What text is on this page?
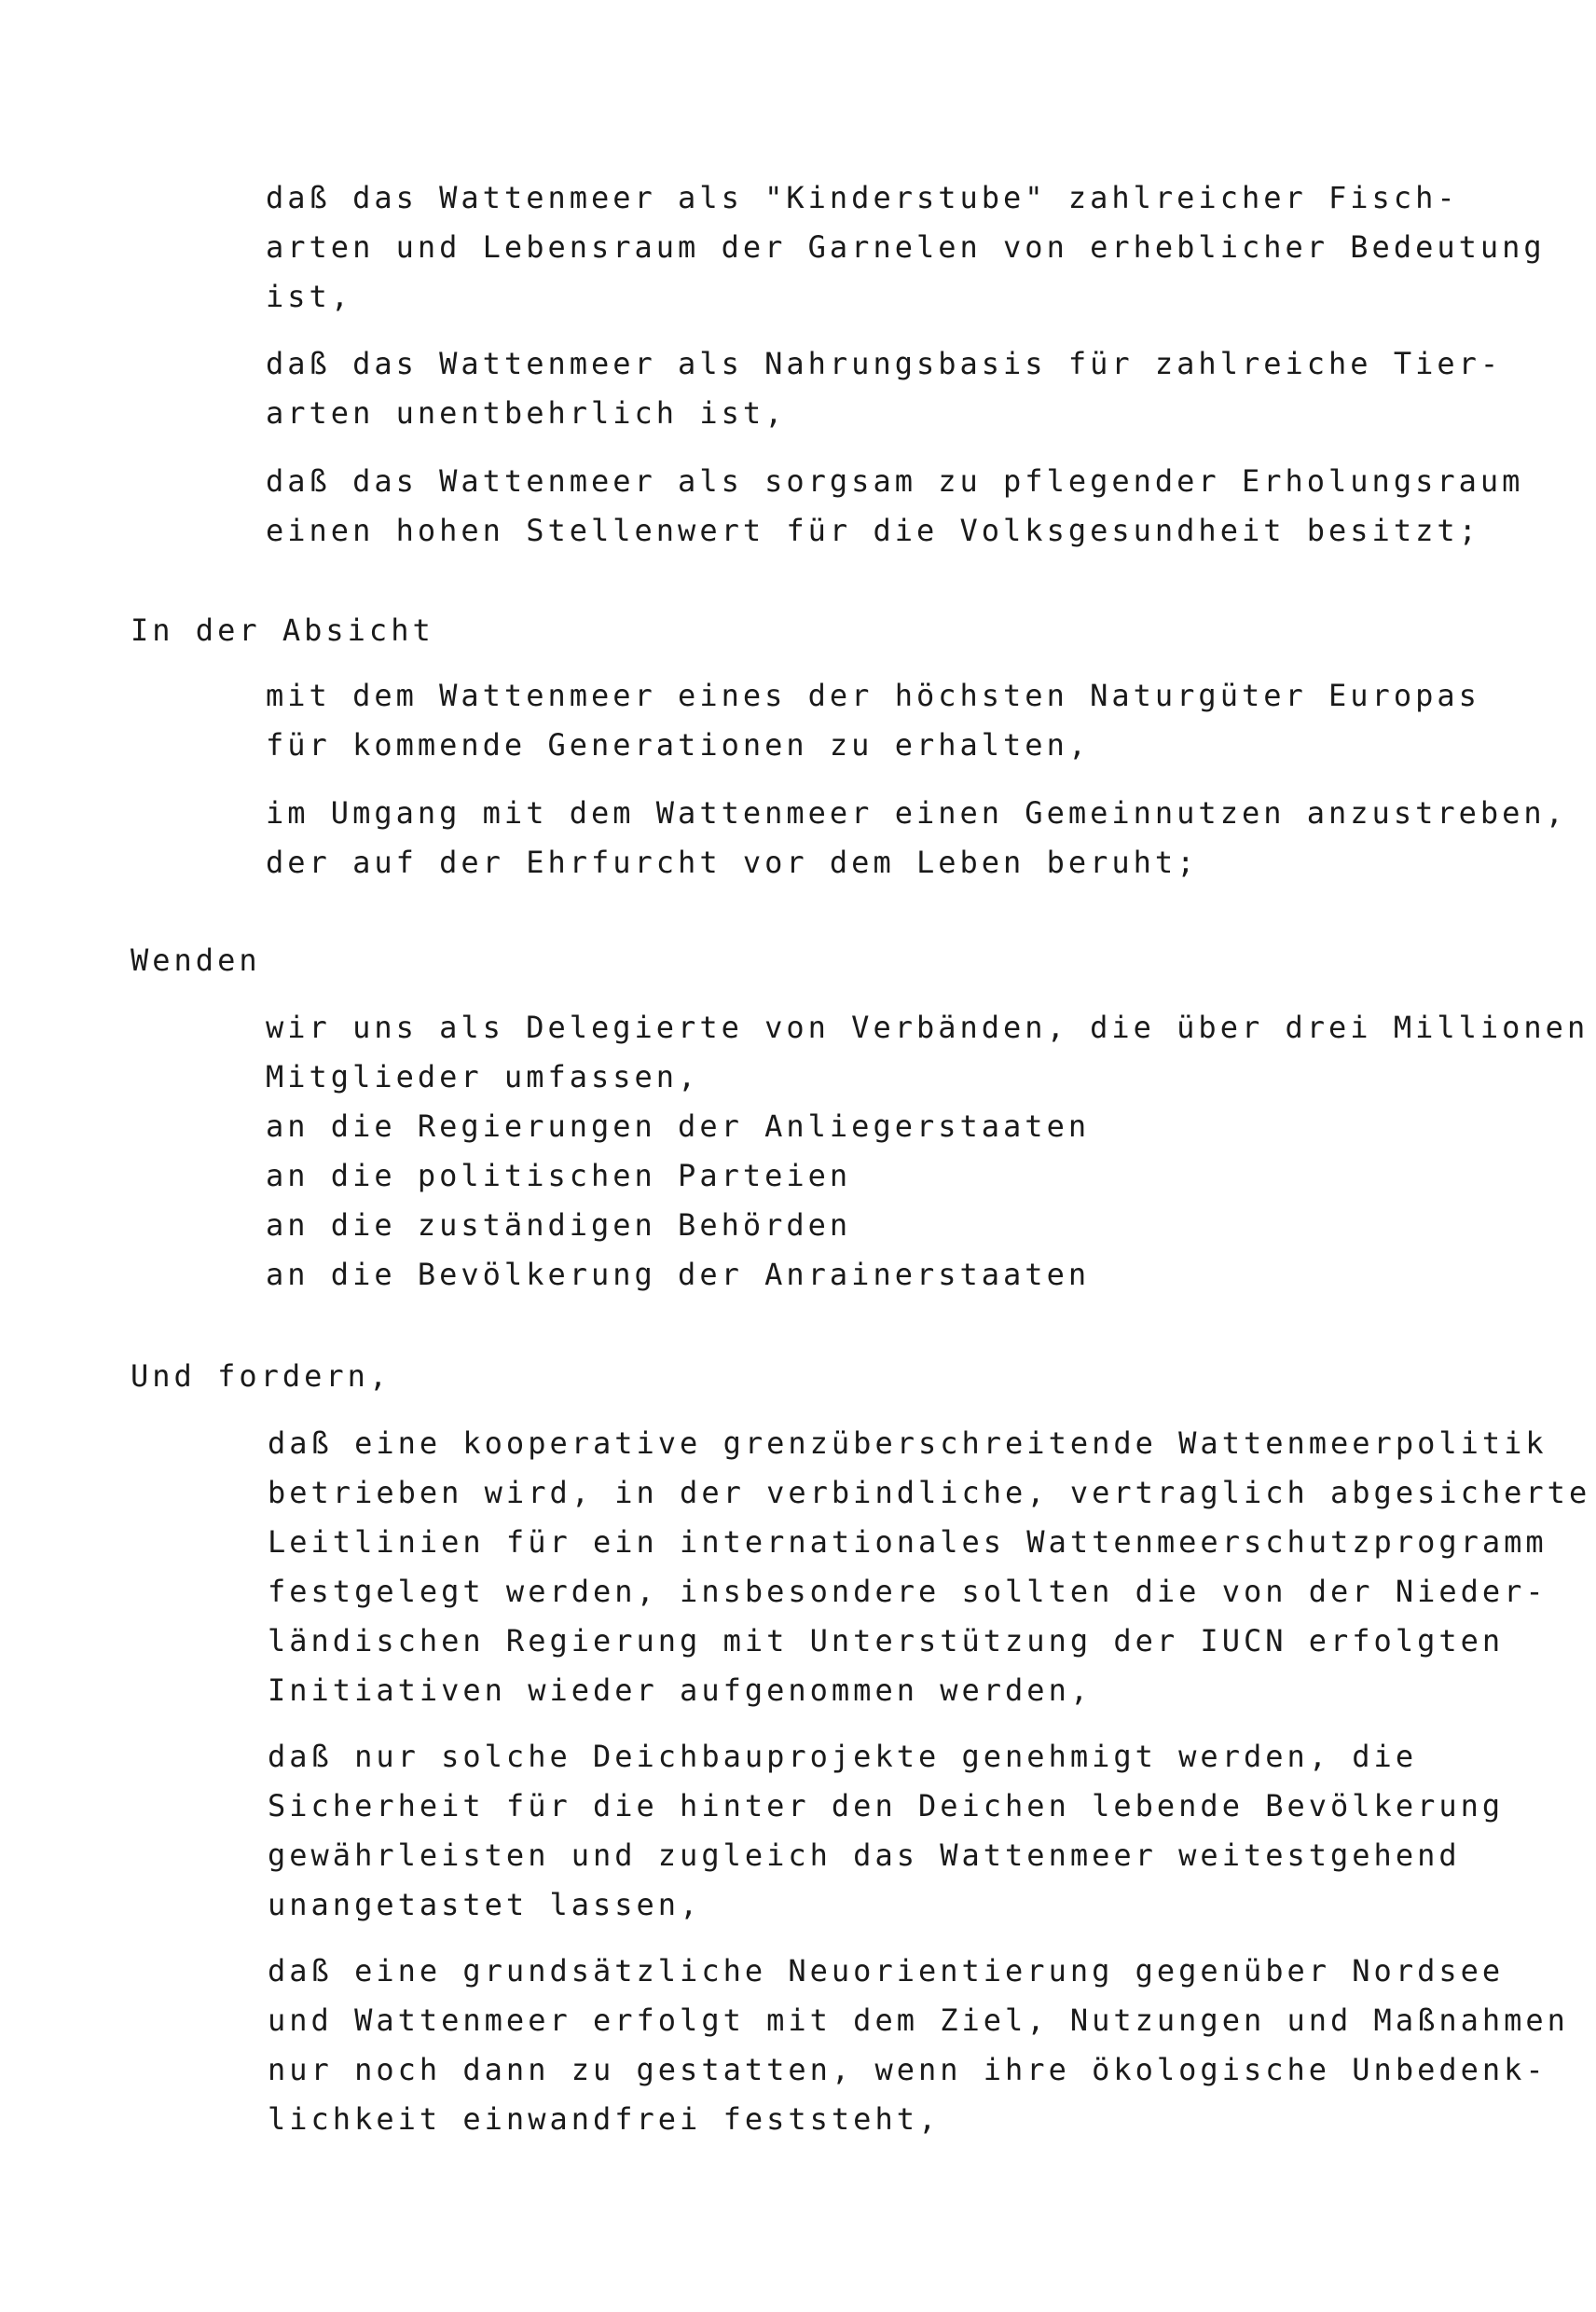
daß das Wattenmeer als "Kinderstube" zahlreicher Fisch-
arten und Lebensraum der Garnelen von erheblicher Bedeutung
ist,
daß das Wattenmeer als Nahrungsbasis für zahlreiche Tier-
arten unentbehrlich ist,
daß das Wattenmeer als sorgsam zu pflegender Erholungsraum
einen hohen Stellenwert für die Volksgesundheit besitzt;
In der Absicht
mit dem Wattenmeer eines der höchsten Naturgüter Europas
für kommende Generationen zu erhalten,
im Umgang mit dem Wattenmeer einen Gemeinnutzen anzustreben,
der auf der Ehrfurcht vor dem Leben beruht;
Wenden
wir uns als Delegierte von Verbänden, die über drei Millionen
Mitglieder umfassen,
an die Regierungen der Anliegerstaaten
an die politischen Parteien
an die zuständigen Behörden
an die Bevölkerung der Anrainerstaaten
Und fordern,
daß eine kooperative grenzüberschreitende Wattenmeerpolitik
betrieben wird, in der verbindliche, vertraglich abgesicherte
Leitlinien für ein internationales Wattenmeerschutzprogramm
festgelegt werden, insbesondere sollten die von der Nieder-
ländischen Regierung mit Unterstützung der IUCN erfolgten
Initiativen wieder aufgenommen werden,
daß nur solche Deichbauprojekte genehmigt werden, die
Sicherheit für die hinter den Deichen lebende Bevölkerung
gewährleisten und zugleich das Wattenmeer weitestgehend
unangetastet lassen,
daß eine grundsätzliche Neuorientierung gegenüber Nordsee
und Wattenmeer erfolgt mit dem Ziel, Nutzungen und Maßnahmen
nur noch dann zu gestatten, wenn ihre ökologische Unbedenk-
lichkeit einwandfrei feststeht,
